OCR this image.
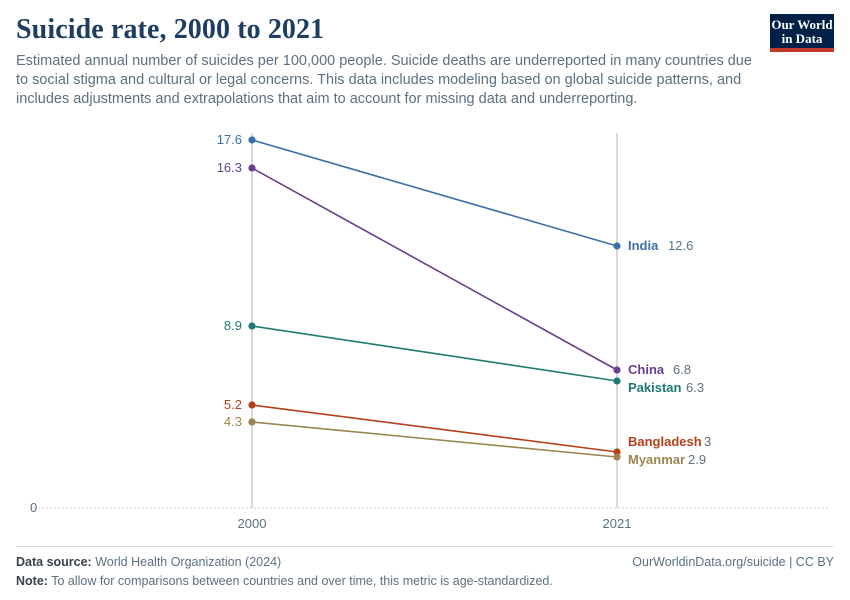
Suicide rate, 2000 to 2021

Estimated annual number of suicides per 100,000 people. Suicide deaths are underreported in many countries due to social stigma and cultural or legal concerns. This data includes modeling based on global suicide patterns, and includes adjustments and extrapolations that aim to account for missing data and underreporting.

Our World
in Data
2000	2021
0
17.6
India 12.6
16.3
China 6.8
8.9
Pakistan 6.3
5.2
Bangladesh 3
4.3
Myanmar 2.9
Data source: World Health Organization (2024)	OurWorldinData.org/suicide | CC BY
Note: To allow for comparisons between countries and over time, this metric is age-standardized.
